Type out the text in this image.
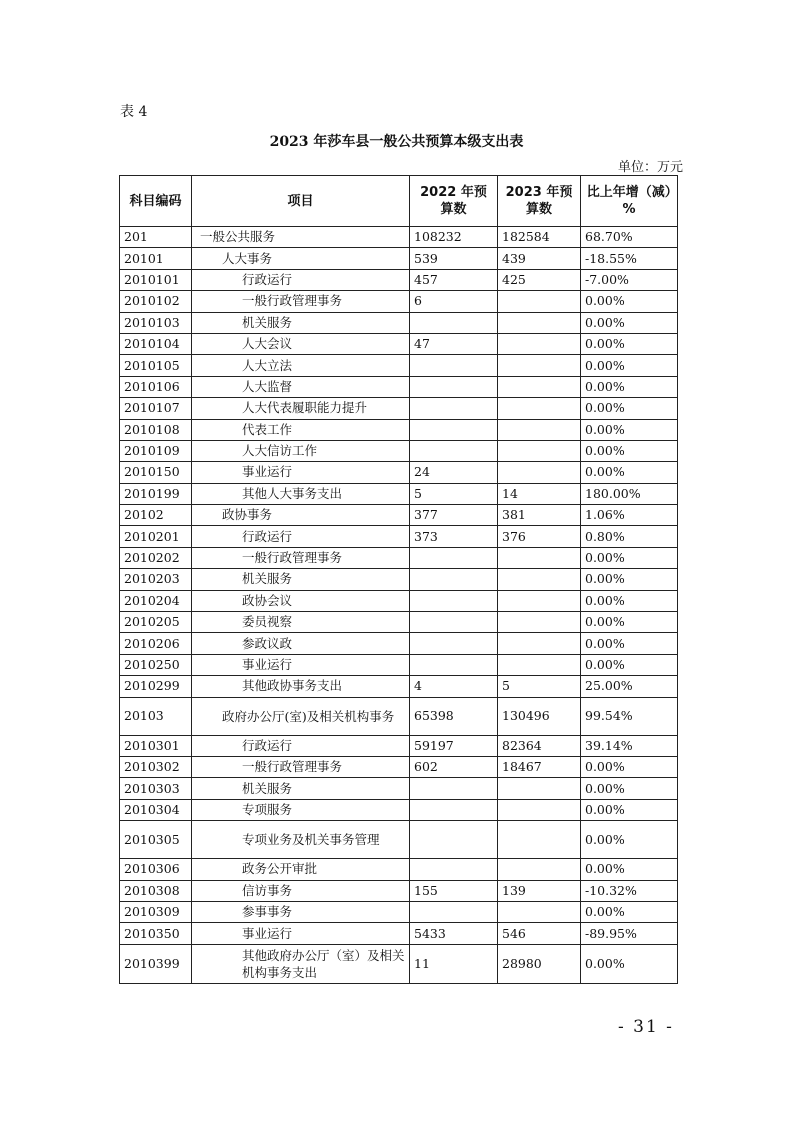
表 4
2023 年莎车县一般公共预算本级支出表
单位：万元
科目编码	项目	2022 年预算数	2023 年预算数	比上年增（减）%
201	一般公共服务	108232	182584	68.70%
20101	人大事务	539	439	-18.55%
2010101	行政运行	457	425	-7.00%
2010102	一般行政管理事务	6		0.00%
2010103	机关服务			0.00%
2010104	人大会议	47		0.00%
2010105	人大立法			0.00%
2010106	人大监督			0.00%
2010107	人大代表履职能力提升			0.00%
2010108	代表工作			0.00%
2010109	人大信访工作			0.00%
2010150	事业运行	24		0.00%
2010199	其他人大事务支出	5	14	180.00%
20102	政协事务	377	381	1.06%
2010201	行政运行	373	376	0.80%
2010202	一般行政管理事务			0.00%
2010203	机关服务			0.00%
2010204	政协会议			0.00%
2010205	委员视察			0.00%
2010206	参政议政			0.00%
2010250	事业运行			0.00%
2010299	其他政协事务支出	4	5	25.00%
20103	政府办公厅(室)及相关机构事务	65398	130496	99.54%
2010301	行政运行	59197	82364	39.14%
2010302	一般行政管理事务	602	18467	0.00%
2010303	机关服务			0.00%
2010304	专项服务			0.00%
2010305	专项业务及机关事务管理			0.00%
2010306	政务公开审批			0.00%
2010308	信访事务	155	139	-10.32%
2010309	参事事务			0.00%
2010350	事业运行	5433	546	-89.95%
2010399	其他政府办公厅（室）及相关机构事务支出	11	28980	0.00%
- 31 -
